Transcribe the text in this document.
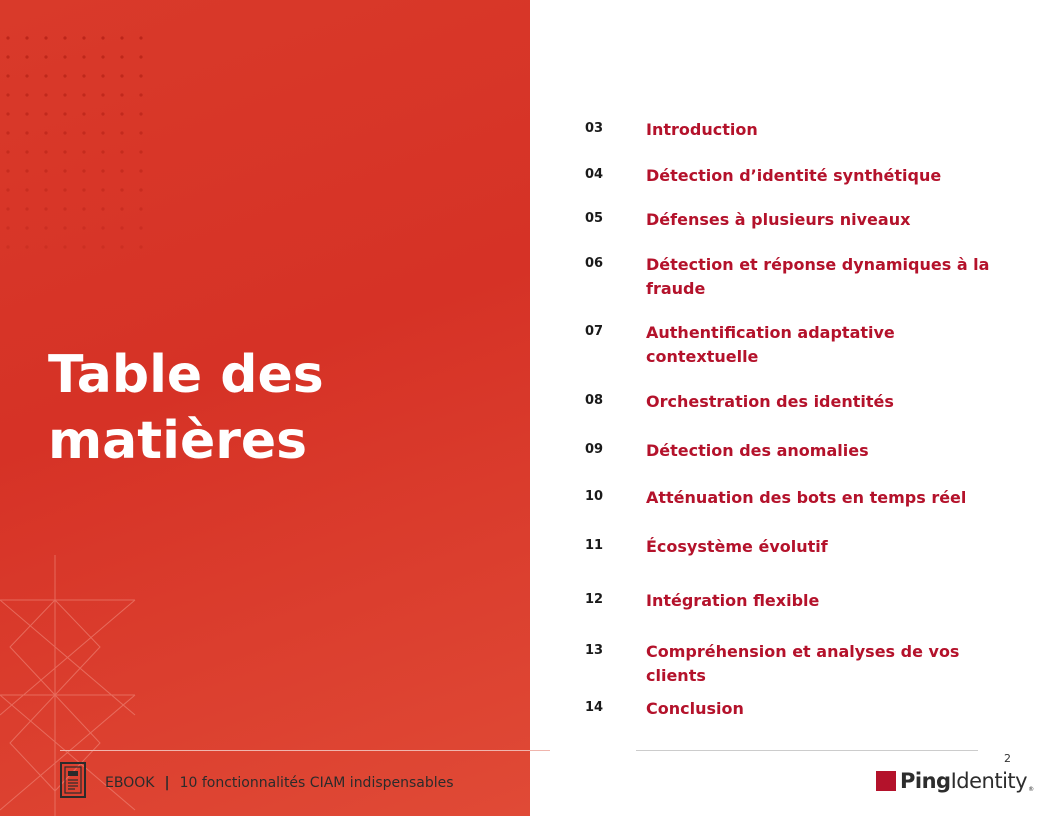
Table des
matières
03	Introduction
04	Détection d’identité synthétique
05	Défenses à plusieurs niveaux
06	Détection et réponse dynamiques à la fraude
07	Authentification adaptative contextuelle
08	Orchestration des identités
09	Détection des anomalies
10	Atténuation des bots en temps réel
11	Écosystème évolutif
12	Intégration flexible
13	Compréhension et analyses de vos clients
14	Conclusion
EBOOK | 10 fonctionnalités CIAM indispensables
2
PingIdentity®
